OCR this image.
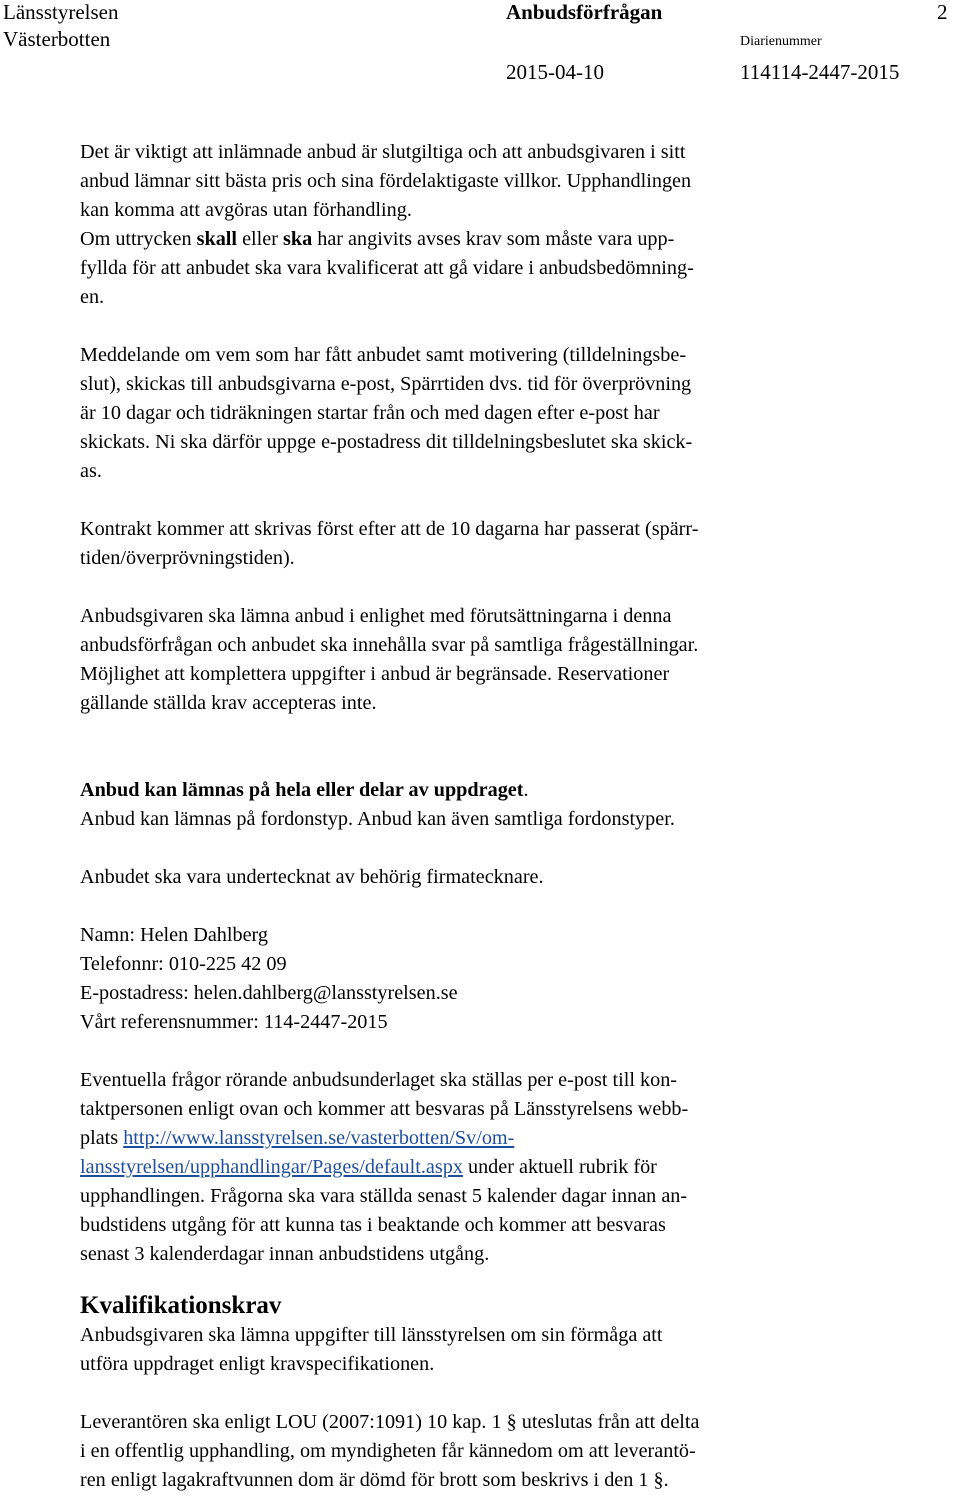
Länsstyrelsen
Västerbotten
Anbudsförfrågan	2
Diarienummer
2015-04-10	114114-2447-2015
Det är viktigt att inlämnade anbud är slutgiltiga och att anbudsgivaren i sitt
anbud lämnar sitt bästa pris och sina fördelaktigaste villkor. Upphandlingen
kan komma att avgöras utan förhandling.
Om uttrycken skall eller ska har angivits avses krav som måste vara upp-
fyllda för att anbudet ska vara kvalificerat att gå vidare i anbudsbedömning-
en.
Meddelande om vem som har fått anbudet samt motivering (tilldelningsbe-
slut), skickas till anbudsgivarna e-post, Spärrtiden dvs. tid för överprövning
är 10 dagar och tidräkningen startar från och med dagen efter e-post har
skickats. Ni ska därför uppge e-postadress dit tilldelningsbeslutet ska skick-
as.
Kontrakt kommer att skrivas först efter att de 10 dagarna har passerat (spärr-
tiden/överprövningstiden).
Anbudsgivaren ska lämna anbud i enlighet med förutsättningarna i denna
anbudsförfrågan och anbudet ska innehålla svar på samtliga frågeställningar.
Möjlighet att komplettera uppgifter i anbud är begränsade. Reservationer
gällande ställda krav accepteras inte.
Anbud kan lämnas på hela eller delar av uppdraget.
Anbud kan lämnas på fordonstyp. Anbud kan även samtliga fordonstyper.
Anbudet ska vara undertecknat av behörig firmatecknare.
Namn: Helen Dahlberg
Telefonnr: 010-225 42 09
E-postadress: helen.dahlberg@lansstyrelsen.se
Vårt referensnummer: 114-2447-2015
Eventuella frågor rörande anbudsunderlaget ska ställas per e-post till kon-
taktpersonen enligt ovan och kommer att besvaras på Länsstyrelsens webb-
plats http://www.lansstyrelsen.se/vasterbotten/Sv/om-
lansstyrelsen/upphandlingar/Pages/default.aspx under aktuell rubrik för
upphandlingen. Frågorna ska vara ställda senast 5 kalender dagar innan an-
budstidens utgång för att kunna tas i beaktande och kommer att besvaras
senast 3 kalenderdagar innan anbudstidens utgång.
Kvalifikationskrav
Anbudsgivaren ska lämna uppgifter till länsstyrelsen om sin förmåga att
utföra uppdraget enligt kravspecifikationen.
Leverantören ska enligt LOU (2007:1091) 10 kap. 1 § uteslutas från att delta
i en offentlig upphandling, om myndigheten får kännedom om att leverantö-
ren enligt lagakraftvunnen dom är dömd för brott som beskrivs i den 1 §.
